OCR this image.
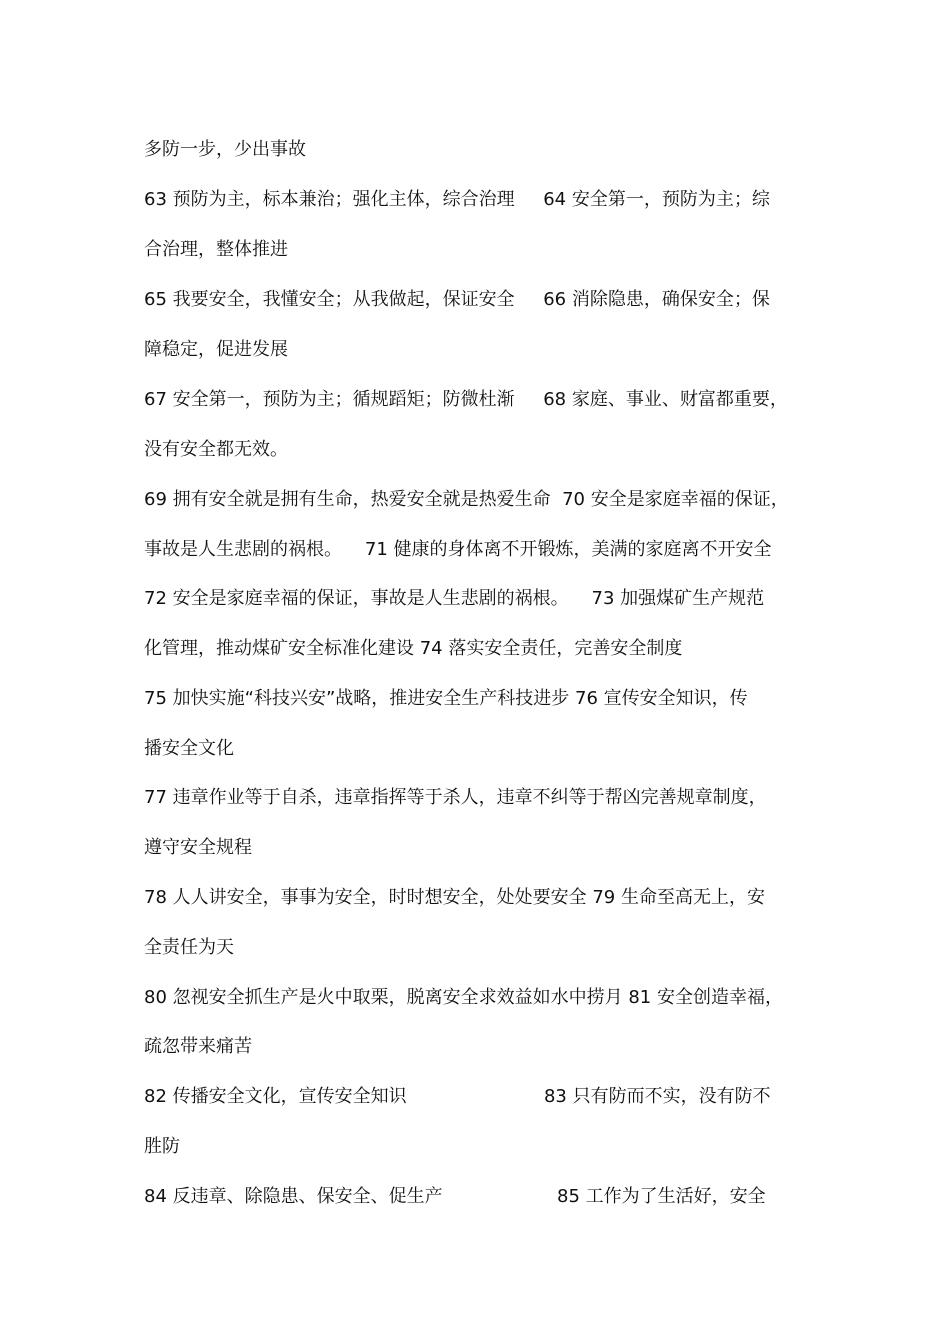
多防一步，少出事故
63 预防为主，标本兼治；强化主体，综合治理     64 安全第一，预防为主；综
合治理，整体推进
65 我要安全，我懂安全；从我做起，保证安全     66 消除隐患，确保安全；保
障稳定，促进发展
67 安全第一，预防为主；循规蹈矩；防微杜渐     68 家庭、事业、财富都重要，
没有安全都无效。
69 拥有安全就是拥有生命，热爱安全就是热爱生命  70 安全是家庭幸福的保证，
事故是人生悲剧的祸根。    71 健康的身体离不开锻炼，美满的家庭离不开安全
72 安全是家庭幸福的保证，事故是人生悲剧的祸根。    73 加强煤矿生产规范
化管理，推动煤矿安全标准化建设 74 落实安全责任，完善安全制度
75 加快实施“科技兴安”战略，推进安全生产科技进步 76 宣传安全知识，传
播安全文化
77 违章作业等于自杀，违章指挥等于杀人，违章不纠等于帮凶完善规章制度，
遵守安全规程
78 人人讲安全，事事为安全，时时想安全，处处要安全 79 生命至高无上，安
全责任为天
80 忽视安全抓生产是火中取栗，脱离安全求效益如水中捞月 81 安全创造幸福，
疏忽带来痛苦
82 传播安全文化，宣传安全知识                        83 只有防而不实，没有防不
胜防
84 反违章、除隐患、保安全、促生产                    85 工作为了生活好，安全
